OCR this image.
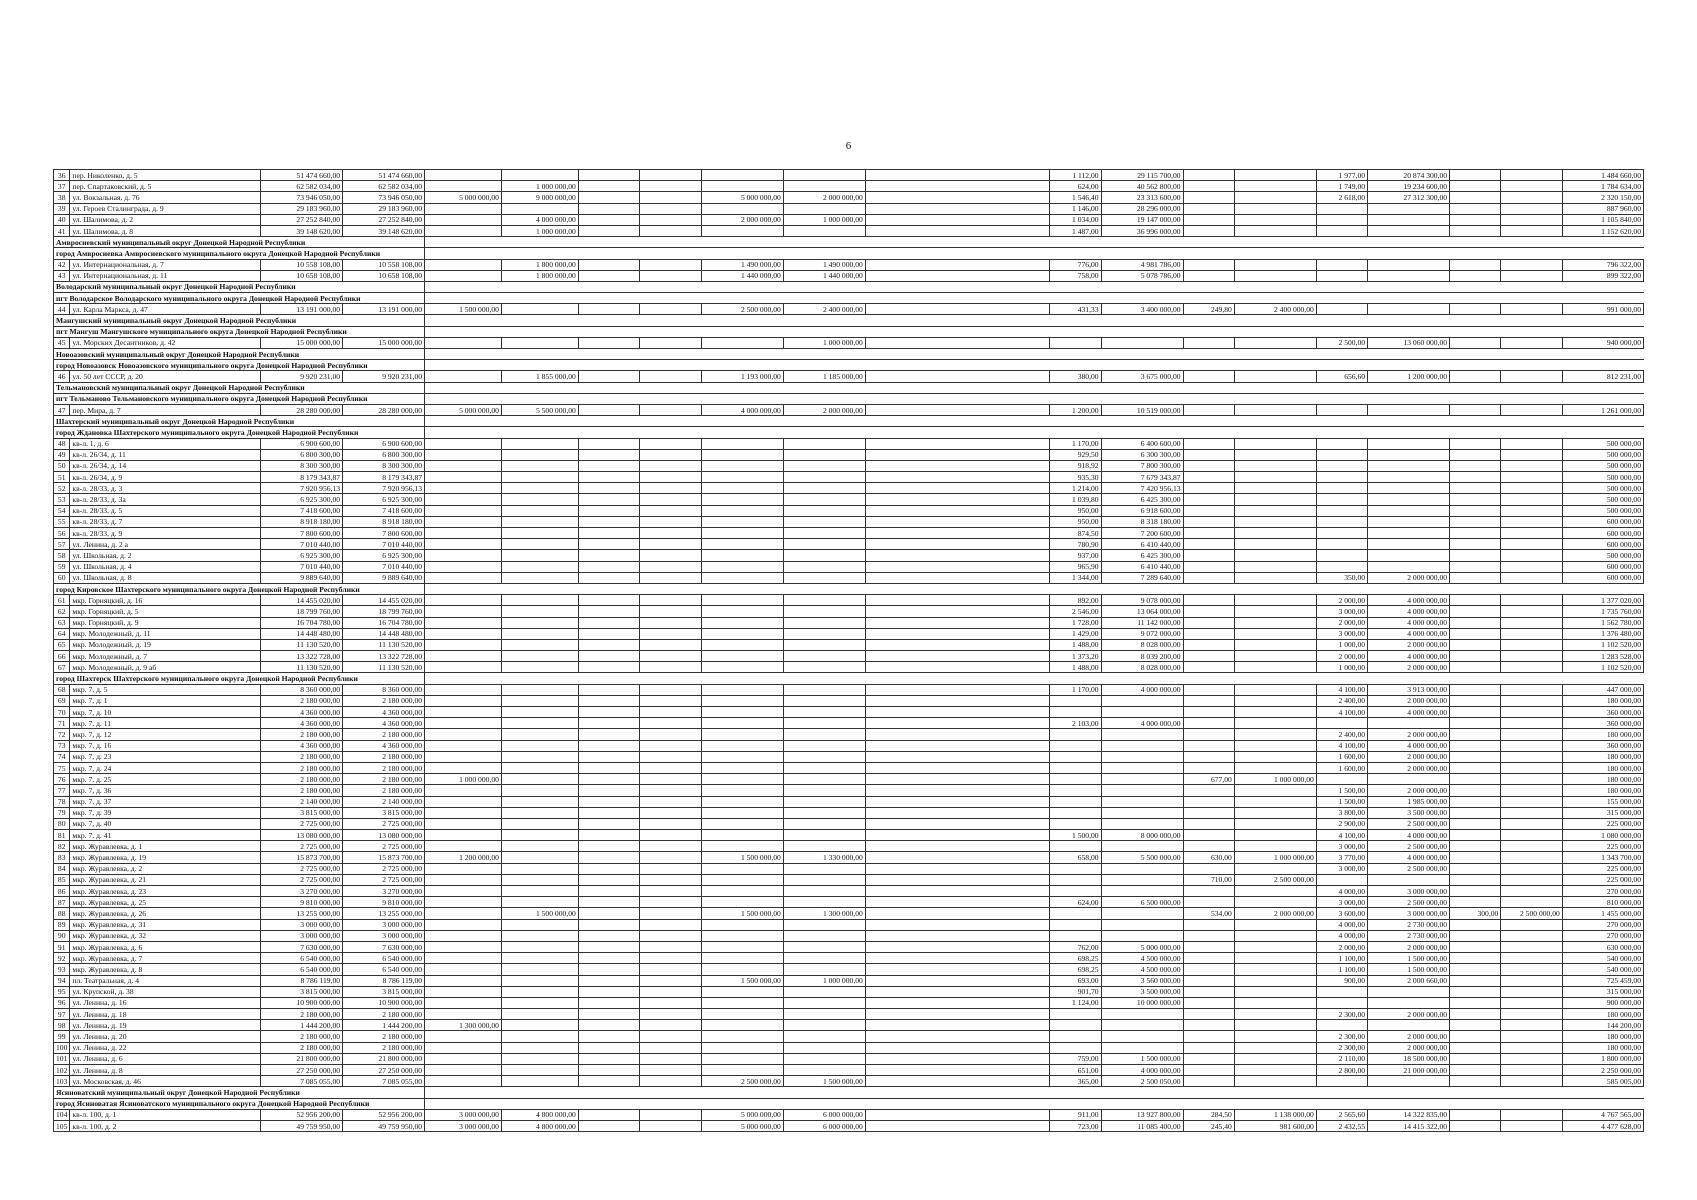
6
36	пер. Николенко, д. 5	51 474 660,00	51 474 660,00								1 112,00	29 115 700,00			1 977,00	20 874 300,00			1 484 660,00
37	пер. Спартаковский, д. 5	62 582 034,00	62 582 034,00		1 000 000,00						624,00	40 562 800,00			1 749,00	19 234 600,00			1 784 634,00
38	ул. Вокзальная, д. 76	73 946 050,00	73 946 050,00	5 000 000,00	9 000 000,00			5 000 000,00	2 000 000,00		1 546,40	23 313 600,00			2 618,00	27 312 300,00			2 320 150,00
39	ул. Героев Сталинграда, д. 9	29 183 960,00	29 183 960,00								1 146,00	28 296 000,00							887 960,00
40	ул. Шалимова, д. 2	27 252 840,00	27 252 840,00		4 000 000,00			2 000 000,00	1 000 000,00		1 034,00	19 147 000,00							1 105 840,00
41	ул. Шалимова, д. 8	39 148 620,00	39 148 620,00		1 000 000,00						1 487,00	36 996 000,00							1 152 620,00
Амвросиевский муниципальный округ Донецкой Народной Республики																			
город Амвросиевка Амвросиевского муниципального округа Донецкой Народной Республики																			
42	ул. Интернациональная, д. 7	10 558 108,00	10 558 108,00		1 800 000,00			1 490 000,00	1 490 000,00		776,00	4 981 786,00							796 322,00
43	ул. Интернациональная, д. 11	10 658 108,00	10 658 108,00		1 800 000,00			1 440 000,00	1 440 000,00		758,00	5 078 786,00							899 322,00
Володарский муниципальный округ Донецкой Народной Республики																			
пгт Володарское Володарского муниципального округа Донецкой Народной Республики																			
44	ул. Карла Маркса, д. 47	13 191 000,00	13 191 000,00	1 500 000,00				2 500 000,00	2 400 000,00		431,33	3 400 000,00	249,80	2 400 000,00					991 000,00
Мангушский муниципальный округ Донецкой Народной Республики																			
пгт Мангуш Мангушского муниципального округа Донецкой Народной Республики																			
45	ул. Морских Десантников, д. 42	15 000 000,00	15 000 000,00						1 000 000,00						2 500,00	13 060 000,00			940 000,00
Новоазовский муниципальный округ Донецкой Народной Республики																			
город Новоазовск Новоазовского муниципального округа Донецкой Народной Республики																			
46	ул. 50 лет СССР, д. 20	9 920 231,00	9 920 231,00		1 855 000,00			1 193 000,00	1 185 000,00		380,00	3 675 000,00			656,60	1 200 000,00			812 231,00
Тельмановский муниципальный округ Донецкой Народной Республики																			
пгт Тельманово Тельмановского муниципального округа Донецкой Народной Республики																			
47	пер. Мира, д. 7	28 280 000,00	28 280 000,00	5 000 000,00	5 500 000,00			4 000 000,00	2 000 000,00		1 200,00	10 519 000,00							1 261 000,00
Шахтерский муниципальный округ Донецкой Народной Республики																			
город Ждановка Шахтерского муниципального округа Донецкой Народной Республики																			
48	кв-л. 1, д. 6	6 900 600,00	6 900 600,00								1 170,00	6 400 600,00							500 000,00
49	кв-л. 26/34, д. 11	6 800 300,00	6 800 300,00								929,50	6 300 300,00							500 000,00
50	кв-л. 26/34, д. 14	8 300 300,00	8 300 300,00								918,92	7 800 300,00							500 000,00
51	кв-л. 26/34, д. 9	8 179 343,87	8 179 343,87								935,30	7 679 343,87							500 000,00
52	кв-л. 28/33, д. 3	7 920 956,13	7 920 956,13								1 214,00	7 420 956,13							500 000,00
53	кв-л. 28/33, д. 3а	6 925 300,00	6 925 300,00								1 039,80	6 425 300,00							500 000,00
54	кв-л. 28/33, д. 5	7 418 600,00	7 418 600,00								950,00	6 918 600,00							500 000,00
55	кв-л. 28/33, д. 7	8 918 180,00	8 918 180,00								950,00	8 318 180,00							600 000,00
56	кв-л. 28/33, д. 9	7 800 600,00	7 800 600,00								874,50	7 200 600,00							600 000,00
57	ул. Ленина, д. 2 а	7 010 440,00	7 010 440,00								780,90	6 410 440,00							600 000,00
58	ул. Школьная, д. 2	6 925 300,00	6 925 300,00								937,00	6 425 300,00							500 000,00
59	ул. Школьная, д. 4	7 010 440,00	7 010 440,00								965,90	6 410 440,00							600 000,00
60	ул. Школьная, д. 8	9 889 640,00	9 889 640,00								1 344,00	7 289 640,00			350,00	2 000 000,00			600 000,00
город Кировское Шахтерского муниципального округа Донецкой Народной Республики																			
61	мкр. Горняцкий, д. 16	14 455 020,00	14 455 020,00								892,00	9 078 000,00			2 000,00	4 000 000,00			1 377 020,00
62	мкр. Горняцкий, д. 5	18 799 760,00	18 799 760,00								2 546,00	13 064 000,00			3 000,00	4 000 000,00			1 735 760,00
63	мкр. Горняцкий, д. 9	16 704 780,00	16 704 780,00								1 728,00	11 142 000,00			2 000,00	4 000 000,00			1 562 780,00
64	мкр. Молодежный, д. 11	14 448 480,00	14 448 480,00								1 429,00	9 072 000,00			3 000,00	4 000 000,00			1 376 480,00
65	мкр. Молодежный, д. 19	11 130 520,00	11 130 520,00								1 488,00	8 028 000,00			1 000,00	2 000 000,00			1 102 520,00
66	мкр. Молодежный, д. 7	13 322 728,00	13 322 728,00								1 373,20	8 039 200,00			2 000,00	4 000 000,00			1 283 528,00
67	мкр. Молодежный, д. 9 аб	11 130 520,00	11 130 520,00								1 488,00	8 028 000,00			1 000,00	2 000 000,00			1 102 520,00
город Шахтерск Шахтерского муниципального округа Донецкой Народной Республики																			
68	мкр. 7, д. 5	8 360 000,00	8 360 000,00								1 170,00	4 000 000,00			4 100,00	3 913 000,00			447 000,00
69	мкр. 7, д. 1	2 180 000,00	2 180 000,00												2 400,00	2 000 000,00			180 000,00
70	мкр. 7, д. 10	4 360 000,00	4 360 000,00												4 100,00	4 000 000,00			360 000,00
71	мкр. 7, д. 11	4 360 000,00	4 360 000,00								2 103,00	4 000 000,00							360 000,00
72	мкр. 7, д. 12	2 180 000,00	2 180 000,00												2 400,00	2 000 000,00			180 000,00
73	мкр. 7, д. 16	4 360 000,00	4 360 000,00												4 100,00	4 000 000,00			360 000,00
74	мкр. 7, д. 23	2 180 000,00	2 180 000,00												1 600,00	2 000 000,00			180 000,00
75	мкр. 7, д. 24	2 180 000,00	2 180 000,00												1 600,00	2 000 000,00			180 000,00
76	мкр. 7, д. 25	2 180 000,00	2 180 000,00	1 000 000,00									677,00	1 000 000,00					180 000,00
77	мкр. 7, д. 36	2 180 000,00	2 180 000,00												1 500,00	2 000 000,00			180 000,00
78	мкр. 7, д. 37	2 140 000,00	2 140 000,00												1 500,00	1 985 000,00			155 000,00
79	мкр. 7, д. 39	3 815 000,00	3 815 000,00												3 800,00	3 500 000,00			315 000,00
80	мкр. 7, д. 40	2 725 000,00	2 725 000,00												2 900,00	2 500 000,00			225 000,00
81	мкр. 7, д. 41	13 080 000,00	13 080 000,00								1 500,00	8 000 000,00			4 100,00	4 000 000,00			1 080 000,00
82	мкр. Журавлевка, д. 1	2 725 000,00	2 725 000,00												3 000,00	2 500 000,00			225 000,00
83	мкр. Журавлевка, д. 19	15 873 700,00	15 873 700,00	1 200 000,00				1 500 000,00	1 330 000,00		658,00	5 500 000,00	630,00	1 000 000,00	3 770,00	4 000 000,00			1 343 700,00
84	мкр. Журавлевка, д. 2	2 725 000,00	2 725 000,00												3 000,00	2 500 000,00			225 000,00
85	мкр. Журавлевка, д. 21	2 725 000,00	2 725 000,00										710,00	2 500 000,00					225 000,00
86	мкр. Журавлевка, д. 23	3 270 000,00	3 270 000,00												4 000,00	3 000 000,00			270 000,00
87	мкр. Журавлевка, д. 25	9 810 000,00	9 810 000,00								624,00	6 500 000,00			3 000,00	2 500 000,00			810 000,00
88	мкр. Журавлевка, д. 26	13 255 000,00	13 255 000,00		1 500 000,00			1 500 000,00	1 300 000,00				534,00	2 000 000,00	3 600,00	3 000 000,00	300,00	2 500 000,00	1 455 000,00
89	мкр. Журавлевка, д. 31	3 000 000,00	3 000 000,00												4 000,00	2 730 000,00			270 000,00
90	мкр. Журавлевка, д. 32	3 000 000,00	3 000 000,00												4 000,00	2 730 000,00			270 000,00
91	мкр. Журавлевка, д. 6	7 630 000,00	7 630 000,00								762,00	5 000 000,00			2 000,00	2 000 000,00			630 000,00
92	мкр. Журавлевка, д. 7	6 540 000,00	6 540 000,00								698,25	4 500 000,00			1 100,00	1 500 000,00			540 000,00
93	мкр. Журавлевка, д. 8	6 540 000,00	6 540 000,00								698,25	4 500 000,00			1 100,00	1 500 000,00			540 000,00
94	пл. Театральная, д. 4	8 786 119,00	8 786 119,00					1 500 000,00	1 000 000,00		693,00	3 560 000,00			900,00	2 000 660,00			725 459,00
95	ул. Крупской, д. 38	3 815 000,00	3 815 000,00								901,70	3 500 000,00							315 000,00
96	ул. Ленина, д. 16	10 900 000,00	10 900 000,00								1 124,00	10 000 000,00							900 000,00
97	ул. Ленина, д. 18	2 180 000,00	2 180 000,00												2 300,00	2 000 000,00			180 000,00
98	ул. Ленина, д. 19	1 444 200,00	1 444 200,00	1 300 000,00															144 200,00
99	ул. Ленина, д. 20	2 180 000,00	2 180 000,00												2 300,00	2 000 000,00			180 000,00
100	ул. Ленина, д. 22	2 180 000,00	2 180 000,00												2 300,00	2 000 000,00			180 000,00
101	ул. Ленина, д. 6	21 800 000,00	21 800 000,00								759,00	1 500 000,00			2 110,00	18 500 000,00			1 800 000,00
102	ул. Ленина, д. 8	27 250 000,00	27 250 000,00								651,00	4 000 000,00			2 800,00	21 000 000,00			2 250 000,00
103	ул. Московская, д. 46	7 085 055,00	7 085 055,00					2 500 000,00	1 500 000,00		365,00	2 500 050,00							585 005,00
Ясиноватский муниципальный округ Донецкой Народной Республики																			
город Ясиноватая Ясиноватского муниципального округа Донецкой Народной Республики																			
104	кв-л. 100, д. 1	52 956 200,00	52 956 200,00	3 000 000,00	4 800 000,00			5 000 000,00	6 000 000,00		911,00	13 927 800,00	284,50	1 138 000,00	2 565,60	14 322 835,00			4 767 565,00
105	кв-л. 100, д. 2	49 759 950,00	49 759 950,00	3 000 000,00	4 800 000,00			5 000 000,00	6 000 000,00		723,00	11 085 400,00	245,40	981 600,00	2 432,55	14 415 322,00			4 477 628,00
